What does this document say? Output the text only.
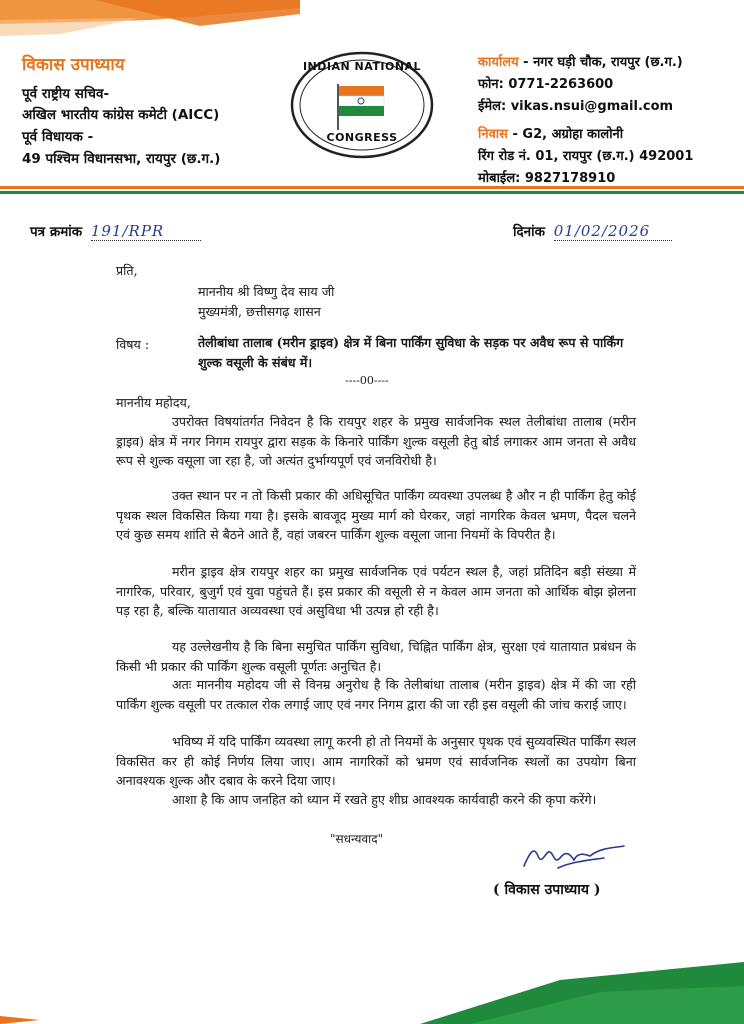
विकास उपाध्याय
पूर्व राष्ट्रीय सचिव-
अखिल भारतीय कांग्रेस कमेटी (AICC)
पूर्व विधायक -
49 पश्चिम विधानसभा, रायपुर (छ.ग.)
INDIAN NATIONAL
CONGRESS
कार्यालय - नगर घड़ी चौक, रायपुर (छ.ग.)
फोन: 0771-2263600
ईमेल: vikas.nsui@gmail.com
निवास - G2, अग्रोहा कालोनी
रिंग रोड नं. 01, रायपुर (छ.ग.) 492001
मोबाईल: 9827178910
पत्र क्रमांक 191/RPR	दिनांक 01/02/2026
प्रति,
माननीय श्री विष्णु देव साय जी
मुख्यमंत्री, छत्तीसगढ़ शासन
विषय :	तेलीबांधा तालाब (मरीन ड्राइव) क्षेत्र में बिना पार्किंग सुविधा के सड़क पर अवैध रूप से पार्किंग शुल्क वसूली के संबंध में।
----00----
माननीय महोदय,

उपरोक्त विषयांतर्गत निवेदन है कि रायपुर शहर के प्रमुख सार्वजनिक स्थल तेलीबांधा तालाब (मरीन ड्राइव) क्षेत्र में नगर निगम रायपुर द्वारा सड़क के किनारे पार्किंग शुल्क वसूली हेतु बोर्ड लगाकर आम जनता से अवैध रूप से शुल्क वसूला जा रहा है, जो अत्यंत दुर्भाग्यपूर्ण एवं जनविरोधी है।

उक्त स्थान पर न तो किसी प्रकार की अधिसूचित पार्किंग व्यवस्था उपलब्ध है और न ही पार्किंग हेतु कोई पृथक स्थल विकसित किया गया है। इसके बावजूद मुख्य मार्ग को घेरकर, जहां नागरिक केवल भ्रमण, पैदल चलने एवं कुछ समय शांति से बैठने आते हैं, वहां जबरन पार्किंग शुल्क वसूला जाना नियमों के विपरीत है।

मरीन ड्राइव क्षेत्र रायपुर शहर का प्रमुख सार्वजनिक एवं पर्यटन स्थल है, जहां प्रतिदिन बड़ी संख्या में नागरिक, परिवार, बुजुर्ग एवं युवा पहुंचते हैं। इस प्रकार की वसूली से न केवल आम जनता को आर्थिक बोझ झेलना पड़ रहा है, बल्कि यातायात अव्यवस्था एवं असुविधा भी उत्पन्न हो रही है।

यह उल्लेखनीय है कि बिना समुचित पार्किंग सुविधा, चिह्नित पार्किंग क्षेत्र, सुरक्षा एवं यातायात प्रबंधन के किसी भी प्रकार की पार्किंग शुल्क वसूली पूर्णतः अनुचित है।

अतः माननीय महोदय जी से विनम्र अनुरोध है कि तेलीबांधा तालाब (मरीन ड्राइव) क्षेत्र में की जा रही पार्किंग शुल्क वसूली पर तत्काल रोक लगाई जाए एवं नगर निगम द्वारा की जा रही इस वसूली की जांच कराई जाए।

भविष्य में यदि पार्किंग व्यवस्था लागू करनी हो तो नियमों के अनुसार पृथक एवं सुव्यवस्थित पार्किंग स्थल विकसित कर ही कोई निर्णय लिया जाए। आम नागरिकों को भ्रमण एवं सार्वजनिक स्थलों का उपयोग बिना अनावश्यक शुल्क और दबाव के करने दिया जाए।

आशा है कि आप जनहित को ध्यान में रखते हुए शीघ्र आवश्यक कार्यवाही करने की कृपा करेंगे।

"सधन्यवाद"
( विकास उपाध्याय )
